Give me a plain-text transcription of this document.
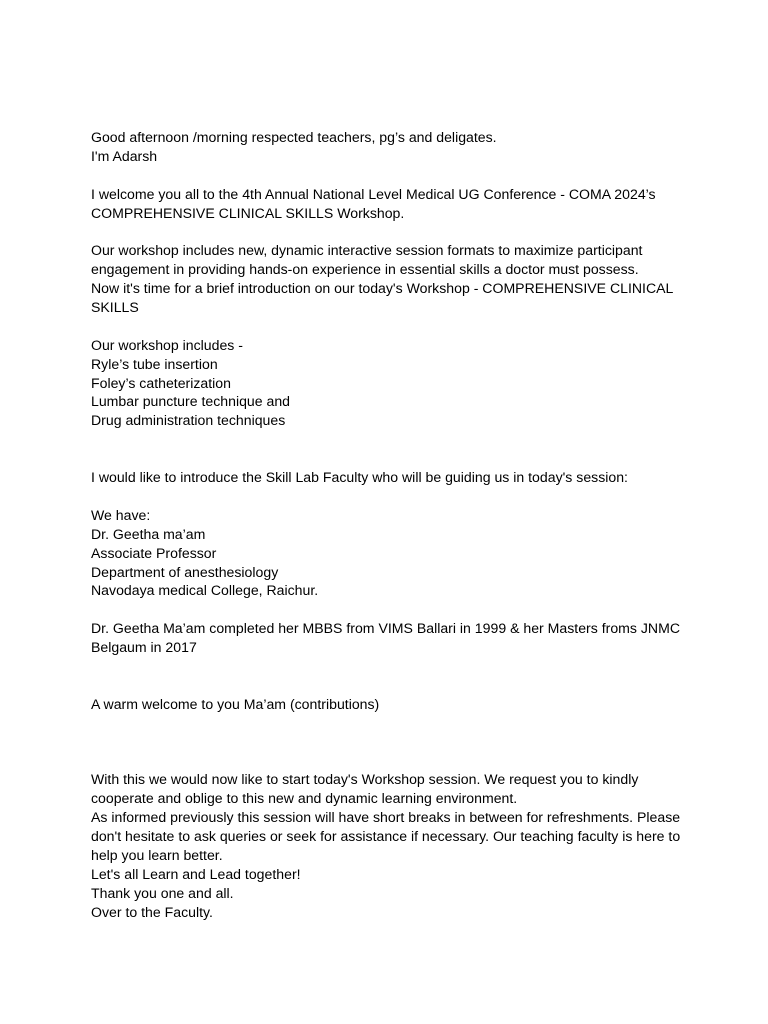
Good afternoon /morning respected teachers, pg’s and deligates.
I'm Adarsh
I welcome you all to the 4th Annual National Level Medical UG Conference - COMA 2024’s
COMPREHENSIVE CLINICAL SKILLS Workshop.
Our workshop includes new, dynamic interactive session formats to maximize participant
engagement in providing hands-on experience in essential skills a doctor must possess.
Now it's time for a brief introduction on our today's Workshop - COMPREHENSIVE CLINICAL
SKILLS
Our workshop includes -
Ryle’s tube insertion
Foley’s catheterization
Lumbar puncture technique and
Drug administration techniques
I would like to introduce the Skill Lab Faculty who will be guiding us in today's session:
We have:
Dr. Geetha ma’am
Associate Professor
Department of anesthesiology
Navodaya medical College, Raichur.
Dr. Geetha Ma’am completed her MBBS from VIMS Ballari in 1999 & her Masters froms JNMC
Belgaum in 2017
A warm welcome to you Ma’am (contributions)
With this we would now like to start today's Workshop session. We request you to kindly
cooperate and oblige to this new and dynamic learning environment.
As informed previously this session will have short breaks in between for refreshments. Please
don't hesitate to ask queries or seek for assistance if necessary. Our teaching faculty is here to
help you learn better.
Let's all Learn and Lead together!
Thank you one and all.
Over to the Faculty.
